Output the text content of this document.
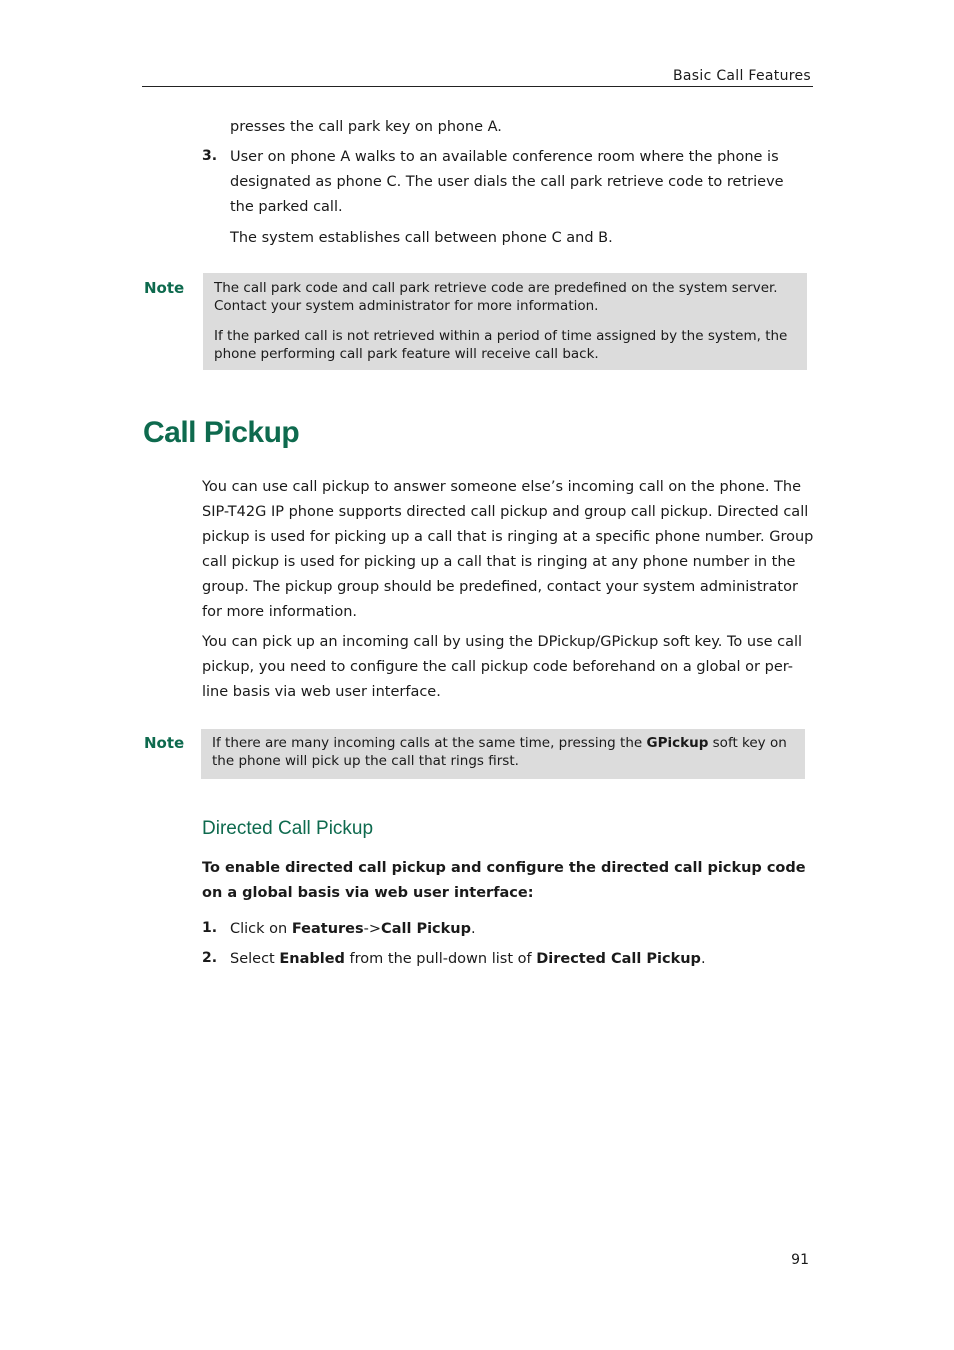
Basic Call Features
presses the call park key on phone A.
3. User on phone A walks to an available conference room where the phone is designated as phone C. The user dials the call park retrieve code to retrieve the parked call.
The system establishes call between phone C and B.
Note The call park code and call park retrieve code are predefined on the system server. Contact your system administrator for more information.

If the parked call is not retrieved within a period of time assigned by the system, the phone performing call park feature will receive call back.

Call Pickup
You can use call pickup to answer someone else’s incoming call on the phone. The SIP-T42G IP phone supports directed call pickup and group call pickup. Directed call pickup is used for picking up a call that is ringing at a specific phone number. Group call pickup is used for picking up a call that is ringing at any phone number in the group. The pickup group should be predefined, contact your system administrator for more information.
You can pick up an incoming call by using the DPickup/GPickup soft key. To use call pickup, you need to configure the call pickup code beforehand on a global or per-line basis via web user interface.
Note If there are many incoming calls at the same time, pressing the GPickup soft key on the phone will pick up the call that rings first.

Directed Call Pickup
To enable directed call pickup and configure the directed call pickup code on a global basis via web user interface:
1. Click on Features->Call Pickup.
2. Select Enabled from the pull-down list of Directed Call Pickup.
91
